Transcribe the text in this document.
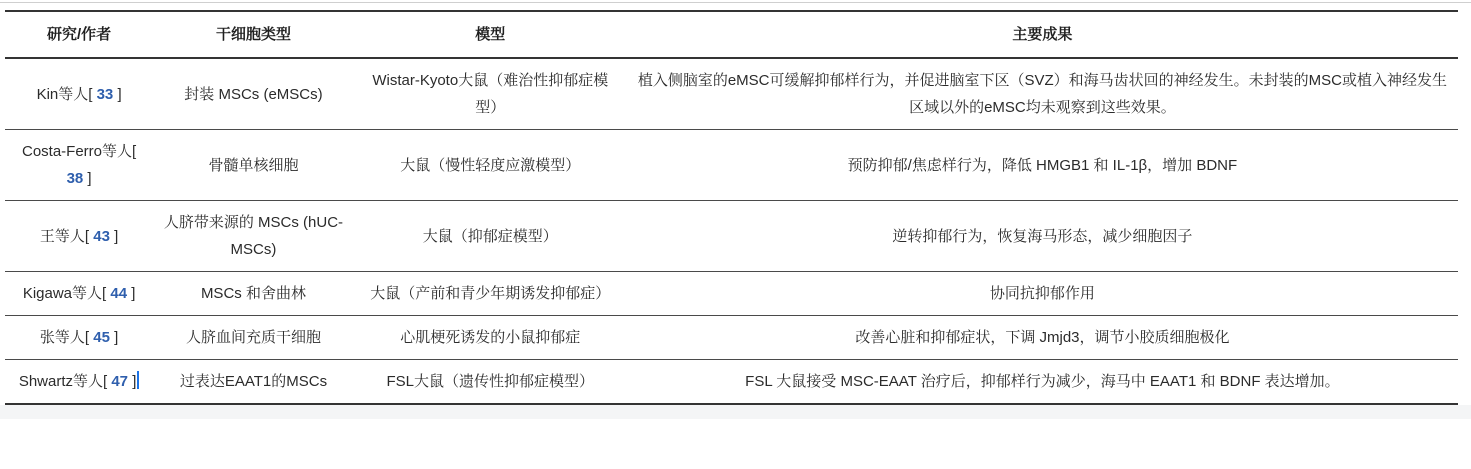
研究/作者	干细胞类型	模型	主要成果
Kin等人[ 33 ]	封装 MSCs (eMSCs)	Wistar-Kyoto大鼠（难治性抑郁症模型）	植入侧脑室的eMSC可缓解抑郁样行为，并促进脑室下区（SVZ）和海马齿状回的神经发生。未封装的MSC或植入神经发生区域以外的eMSC均未观察到这些效果。
Costa-Ferro等人[ 38 ]	骨髓单核细胞	大鼠（慢性轻度应激模型）	预防抑郁/焦虑样行为，降低 HMGB1 和 IL-1β，增加 BDNF
王等人[ 43 ]	人脐带来源的 MSCs (hUC-MSCs)	大鼠（抑郁症模型）	逆转抑郁行为，恢复海马形态，减少细胞因子
Kigawa等人[ 44 ]	MSCs 和舍曲林	大鼠（产前和青少年期诱发抑郁症）	协同抗抑郁作用
张等人[ 45 ]	人脐血间充质干细胞	心肌梗死诱发的小鼠抑郁症	改善心脏和抑郁症状，下调 Jmjd3，调节小胶质细胞极化
Shwartz等人[ 47 ]	过表达EAAT1的MSCs	FSL大鼠（遗传性抑郁症模型）	FSL 大鼠接受 MSC-EAAT 治疗后，抑郁样行为减少，海马中 EAAT1 和 BDNF 表达增加。
